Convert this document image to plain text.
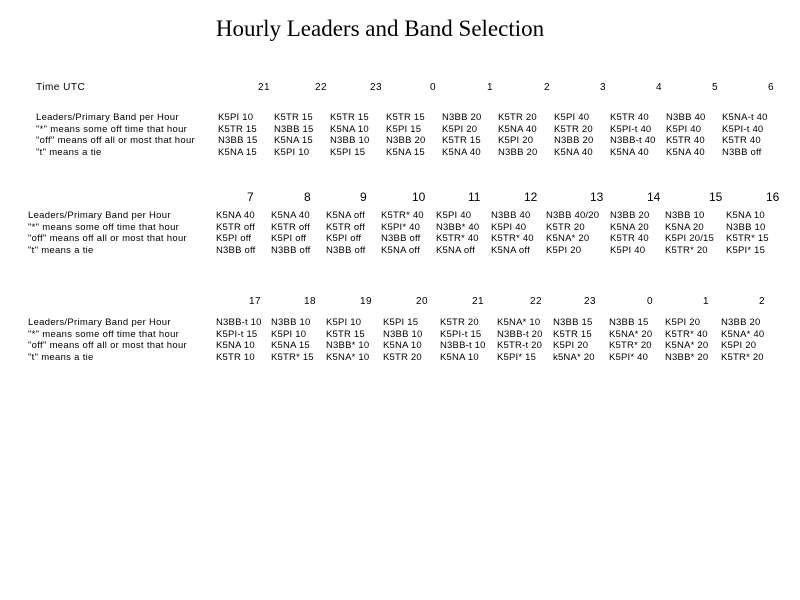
Hourly Leaders and Band Selection
Time UTC	21	22	23	0	1	2	3	4	5	6
Leaders/Primary Band per Hour
"*" means some off time that hour
"off" means off all or most that hour
"t" means a tie
K5PI 10 K5TR 15 K5TR 15 K5TR 15 N3BB 20 K5TR 20 K5PI 40 K5TR 40 N3BB 40 K5NA-t 40
K5TR 15 N3BB 15 K5NA 10 K5PI 15 K5PI 20 K5NA 40 K5TR 20 K5PI-t 40 K5PI 40 K5PI-t 40
N3BB 15 K5NA 15 N3BB 10 N3BB 20 K5TR 15 K5PI 20 N3BB 20 N3BB-t 40 K5TR 40 K5TR 40
K5NA 15 K5PI 10 K5PI 15 K5NA 15 K5NA 40 N3BB 20 K5NA 40 K5NA 40 K5NA 40 N3BB off
7	8	9	10	11	12	13	14	15	16
Leaders/Primary Band per Hour
"*" means some off time that hour
"off" means off all or most that hour
"t" means a tie
K5NA 40 K5NA 40 K5NA off K5TR* 40 K5PI 40 N3BB 40 N3BB 40/20 N3BB 20 N3BB 10 K5NA 10
K5TR off K5TR off K5TR off K5PI* 40 N3BB* 40 K5PI 40 K5TR 20	K5NA 20 K5NA 20 N3BB 10
K5PI off K5PI off K5PI off N3BB off K5TR* 40 K5TR* 40 K5NA* 20 K5TR 40 K5PI 20/15 K5TR* 15
N3BB off N3BB off N3BB off K5NA off K5NA off K5NA off K5PI 20	K5PI 40 K5TR* 20 K5PI* 15
17	18	19	20	21	22	23	0	1	2
Leaders/Primary Band per Hour
"*" means some off time that hour
"off" means off all or most that hour
"t" means a tie
N3BB-t 10 N3BB 10 K5PI 10 K5PI 15 K5TR 20 K5NA* 10 N3BB 15 N3BB 15 K5PI 20 N3BB 20
K5PI-t 15 K5PI 10 K5TR 15 N3BB 10 K5PI-t 15 N3BB-t 20 K5TR 15 K5NA* 20 K5TR* 40 K5NA* 40
K5NA 10 K5NA 15 N3BB* 10 K5NA 10 N3BB-t 10 K5TR-t 20 K5PI 20 K5TR* 20 K5NA* 20 K5PI 20
K5TR 10 K5TR* 15 K5NA* 10 K5TR 20 K5NA 10 K5PI* 15 k5NA* 20 K5PI* 40 N3BB* 20 K5TR* 20
